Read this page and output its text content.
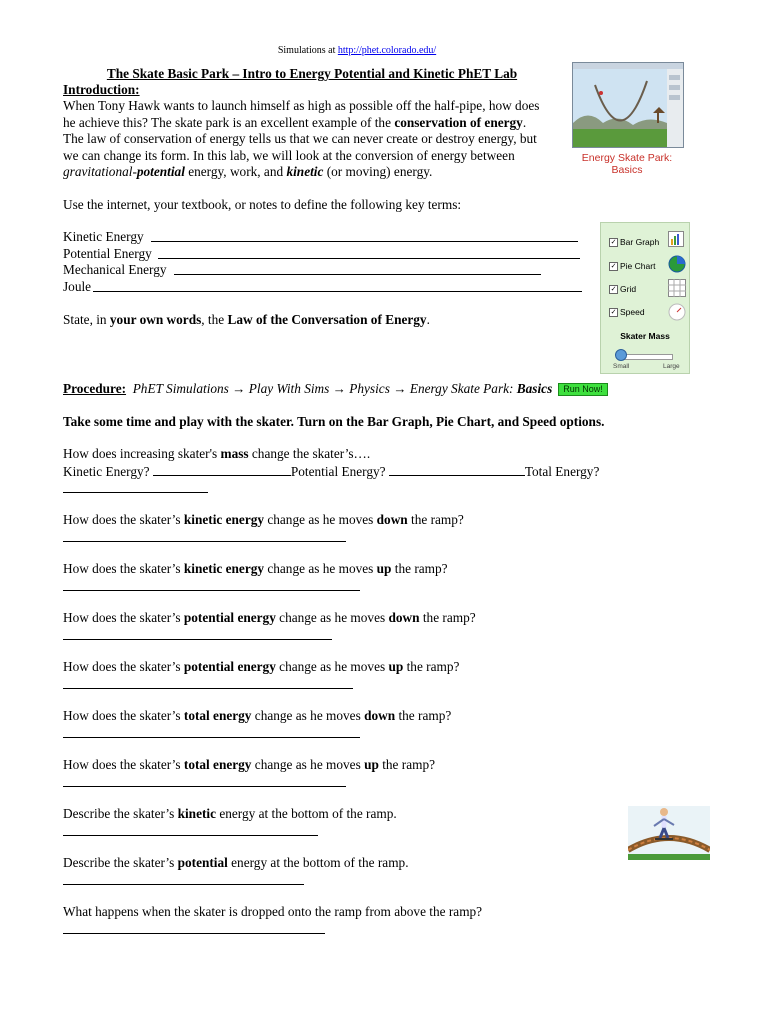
Simulations at http://phet.colorado.edu/
The Skate Basic Park – Intro to Energy Potential and Kinetic PhET Lab
Introduction:
When Tony Hawk wants to launch himself as high as possible off the half-pipe, how does
he achieve this? The skate park is an excellent example of the conservation of energy.
The law of conservation of energy tells us that we can never create or destroy energy, but
we can change its form. In this lab, we will look at the conversion of energy between
gravitational-potential energy, work, and kinetic (or moving) energy.
Energy Skate Park:
Basics
Use the internet, your textbook, or notes to define the following key terms:
Kinetic Energy
Potential Energy
Mechanical Energy
Joule
State, in your own words, the Law of the Conversation of Energy.
✓ Bar Graph
✓ Pie Chart
✓ Grid
✓ Speed
Skater Mass
Small	Large
Procedure: PhET Simulations → Play With Sims → Physics → Energy Skate Park: Basics Run Now!
Take some time and play with the skater. Turn on the Bar Graph, Pie Chart, and Speed options.
How does increasing skater's mass change the skater’s….
Kinetic Energy?	Potential Energy?	Total Energy?
How does the skater’s kinetic energy change as he moves down the ramp?
How does the skater’s kinetic energy change as he moves up the ramp?
How does the skater’s potential energy change as he moves down the ramp?
How does the skater’s potential energy change as he moves up the ramp?
How does the skater’s total energy change as he moves down the ramp?
How does the skater’s total energy change as he moves up the ramp?
Describe the skater’s kinetic energy at the bottom of the ramp.
Describe the skater’s potential energy at the bottom of the ramp.
What happens when the skater is dropped onto the ramp from above the ramp?
